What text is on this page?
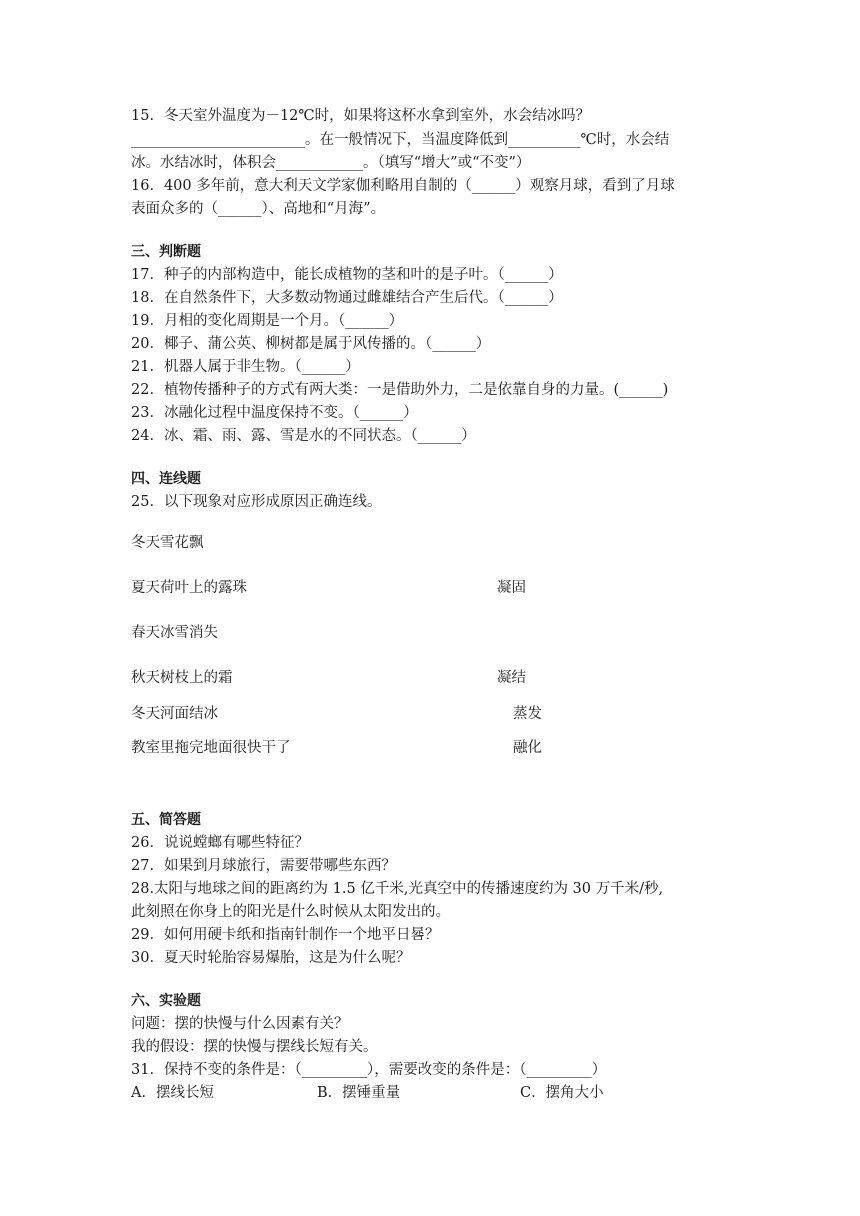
15．冬天室外温度为－12℃时，如果将这杯水拿到室外，水会结冰吗？
________________________。在一般情况下，当温度降低到__________℃时，水会结
冰。水结冰时，体积会____________。（填写“增大”或“不变”）
16．400 多年前，意大利天文学家伽利略用自制的（______）观察月球，看到了月球
表面众多的（______）、高地和“月海”。
三、判断题
17．种子的内部构造中，能长成植物的茎和叶的是子叶。（______）
18．在自然条件下，大多数动物通过雌雄结合产生后代。（______）
19．月相的变化周期是一个月。（______）
20．椰子、蒲公英、柳树都是属于风传播的。（______）
21．机器人属于非生物。（______）
22．植物传播种子的方式有两大类：一是借助外力，二是依靠自身的力量。(______)
23．冰融化过程中温度保持不变。（______）
24．冰、霜、雨、露、雪是水的不同状态。（______）
四、连线题
25．以下现象对应形成原因正确连线。
冬天雪花飘
夏天荷叶上的露珠	凝固
春天冰雪消失
秋天树枝上的霜	凝结
冬天河面结冰	蒸发
教室里拖完地面很快干了	融化
五、简答题
26．说说螳螂有哪些特征？
27．如果到月球旅行，需要带哪些东西？
28.太阳与地球之间的距离约为 1.5 亿千米,光真空中的传播速度约为 30 万千米/秒,
此刻照在你身上的阳光是什么时候从太阳发出的。
29．如何用硬卡纸和指南针制作一个地平日晷？
30．夏天时轮胎容易爆胎，这是为什么呢？
六、实验题
问题：摆的快慢与什么因素有关？
我的假设：摆的快慢与摆线长短有关。
31．保持不变的条件是：（_________），需要改变的条件是：（_________）
A．摆线长短	B．摆锤重量	C．摆角大小
